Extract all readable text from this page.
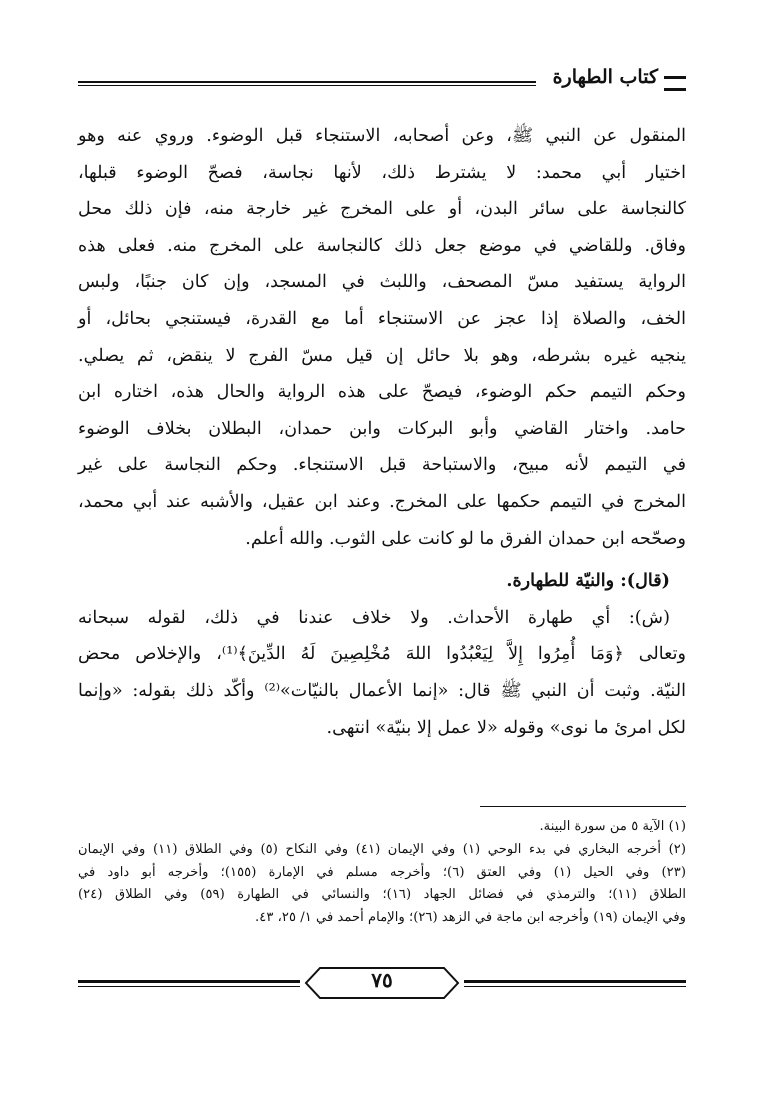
كتاب الطهارة
المنقول عن النبي ﷺ، وعن أصحابه، الاستنجاء قبل الوضوء. وروي عنه وهو
اختيار أبي محمد: لا يشترط ذلك، لأنها نجاسة، فصحّ الوضوء قبلها،
كالنجاسة على سائر البدن، أو على المخرج غير خارجة منه، فإن ذلك محل
وفاق. وللقاضي في موضع جعل ذلك كالنجاسة على المخرج منه. فعلى هذه
الرواية يستفيد مسّ المصحف، واللبث في المسجد، وإن كان جنبًا، ولبس
الخف، والصلاة إذا عجز عن الاستنجاء أما مع القدرة، فيستنجي بحائل، أو
ينجيه غيره بشرطه، وهو بلا حائل إن قيل مسّ الفرج لا ينقض، ثم يصلي.
وحكم التيمم حكم الوضوء، فيصحّ على هذه الرواية والحال هذه، اختاره ابن
حامد. واختار القاضي وأبو البركات وابن حمدان، البطلان بخلاف الوضوء
في التيمم لأنه مبيح، والاستباحة قبل الاستنجاء. وحكم النجاسة على غير
المخرج في التيمم حكمها على المخرج. وعند ابن عقيل، والأشبه عند أبي محمد،
وصحّحه ابن حمدان الفرق ما لو كانت على الثوب. والله أعلم.
(قال): والنيّة للطهارة.
(ش): أي طهارة الأحداث. ولا خلاف عندنا في ذلك، لقوله سبحانه
وتعالى ﴿وَمَا أُمِرُوا إِلاَّ لِيَعْبُدُوا اللهَ مُخْلِصِينَ لَهُ الدِّينَ﴾⁽¹⁾، والإخلاص محض
النيّة. وثبت أن النبي ﷺ قال: «إنما الأعمال بالنيّات»⁽²⁾ وأكّد ذلك بقوله: «وإنما
لكل امرئ ما نوى» وقوله «لا عمل إلا بنيّة» انتهى.
(١) الآية ٥ من سورة البينة.
(٢) أخرجه البخاري في بدء الوحي (١) وفي الإيمان (٤١) وفي النكاح (٥) وفي الطلاق (١١) وفي الإيمان
(٢٣) وفي الحيل (١) وفي العتق (٦)؛ وأخرجه مسلم في الإمارة (١٥٥)؛ وأخرجه أبو داود في
الطلاق (١١)؛ والترمذي في فضائل الجهاد (١٦)؛ والنسائي في الطهارة (٥٩) وفي الطلاق (٢٤)
وفي الإيمان (١٩) وأخرجه ابن ماجة في الزهد (٢٦)؛ والإمام أحمد في ١/ ٢٥، ٤٣.
٧٥
